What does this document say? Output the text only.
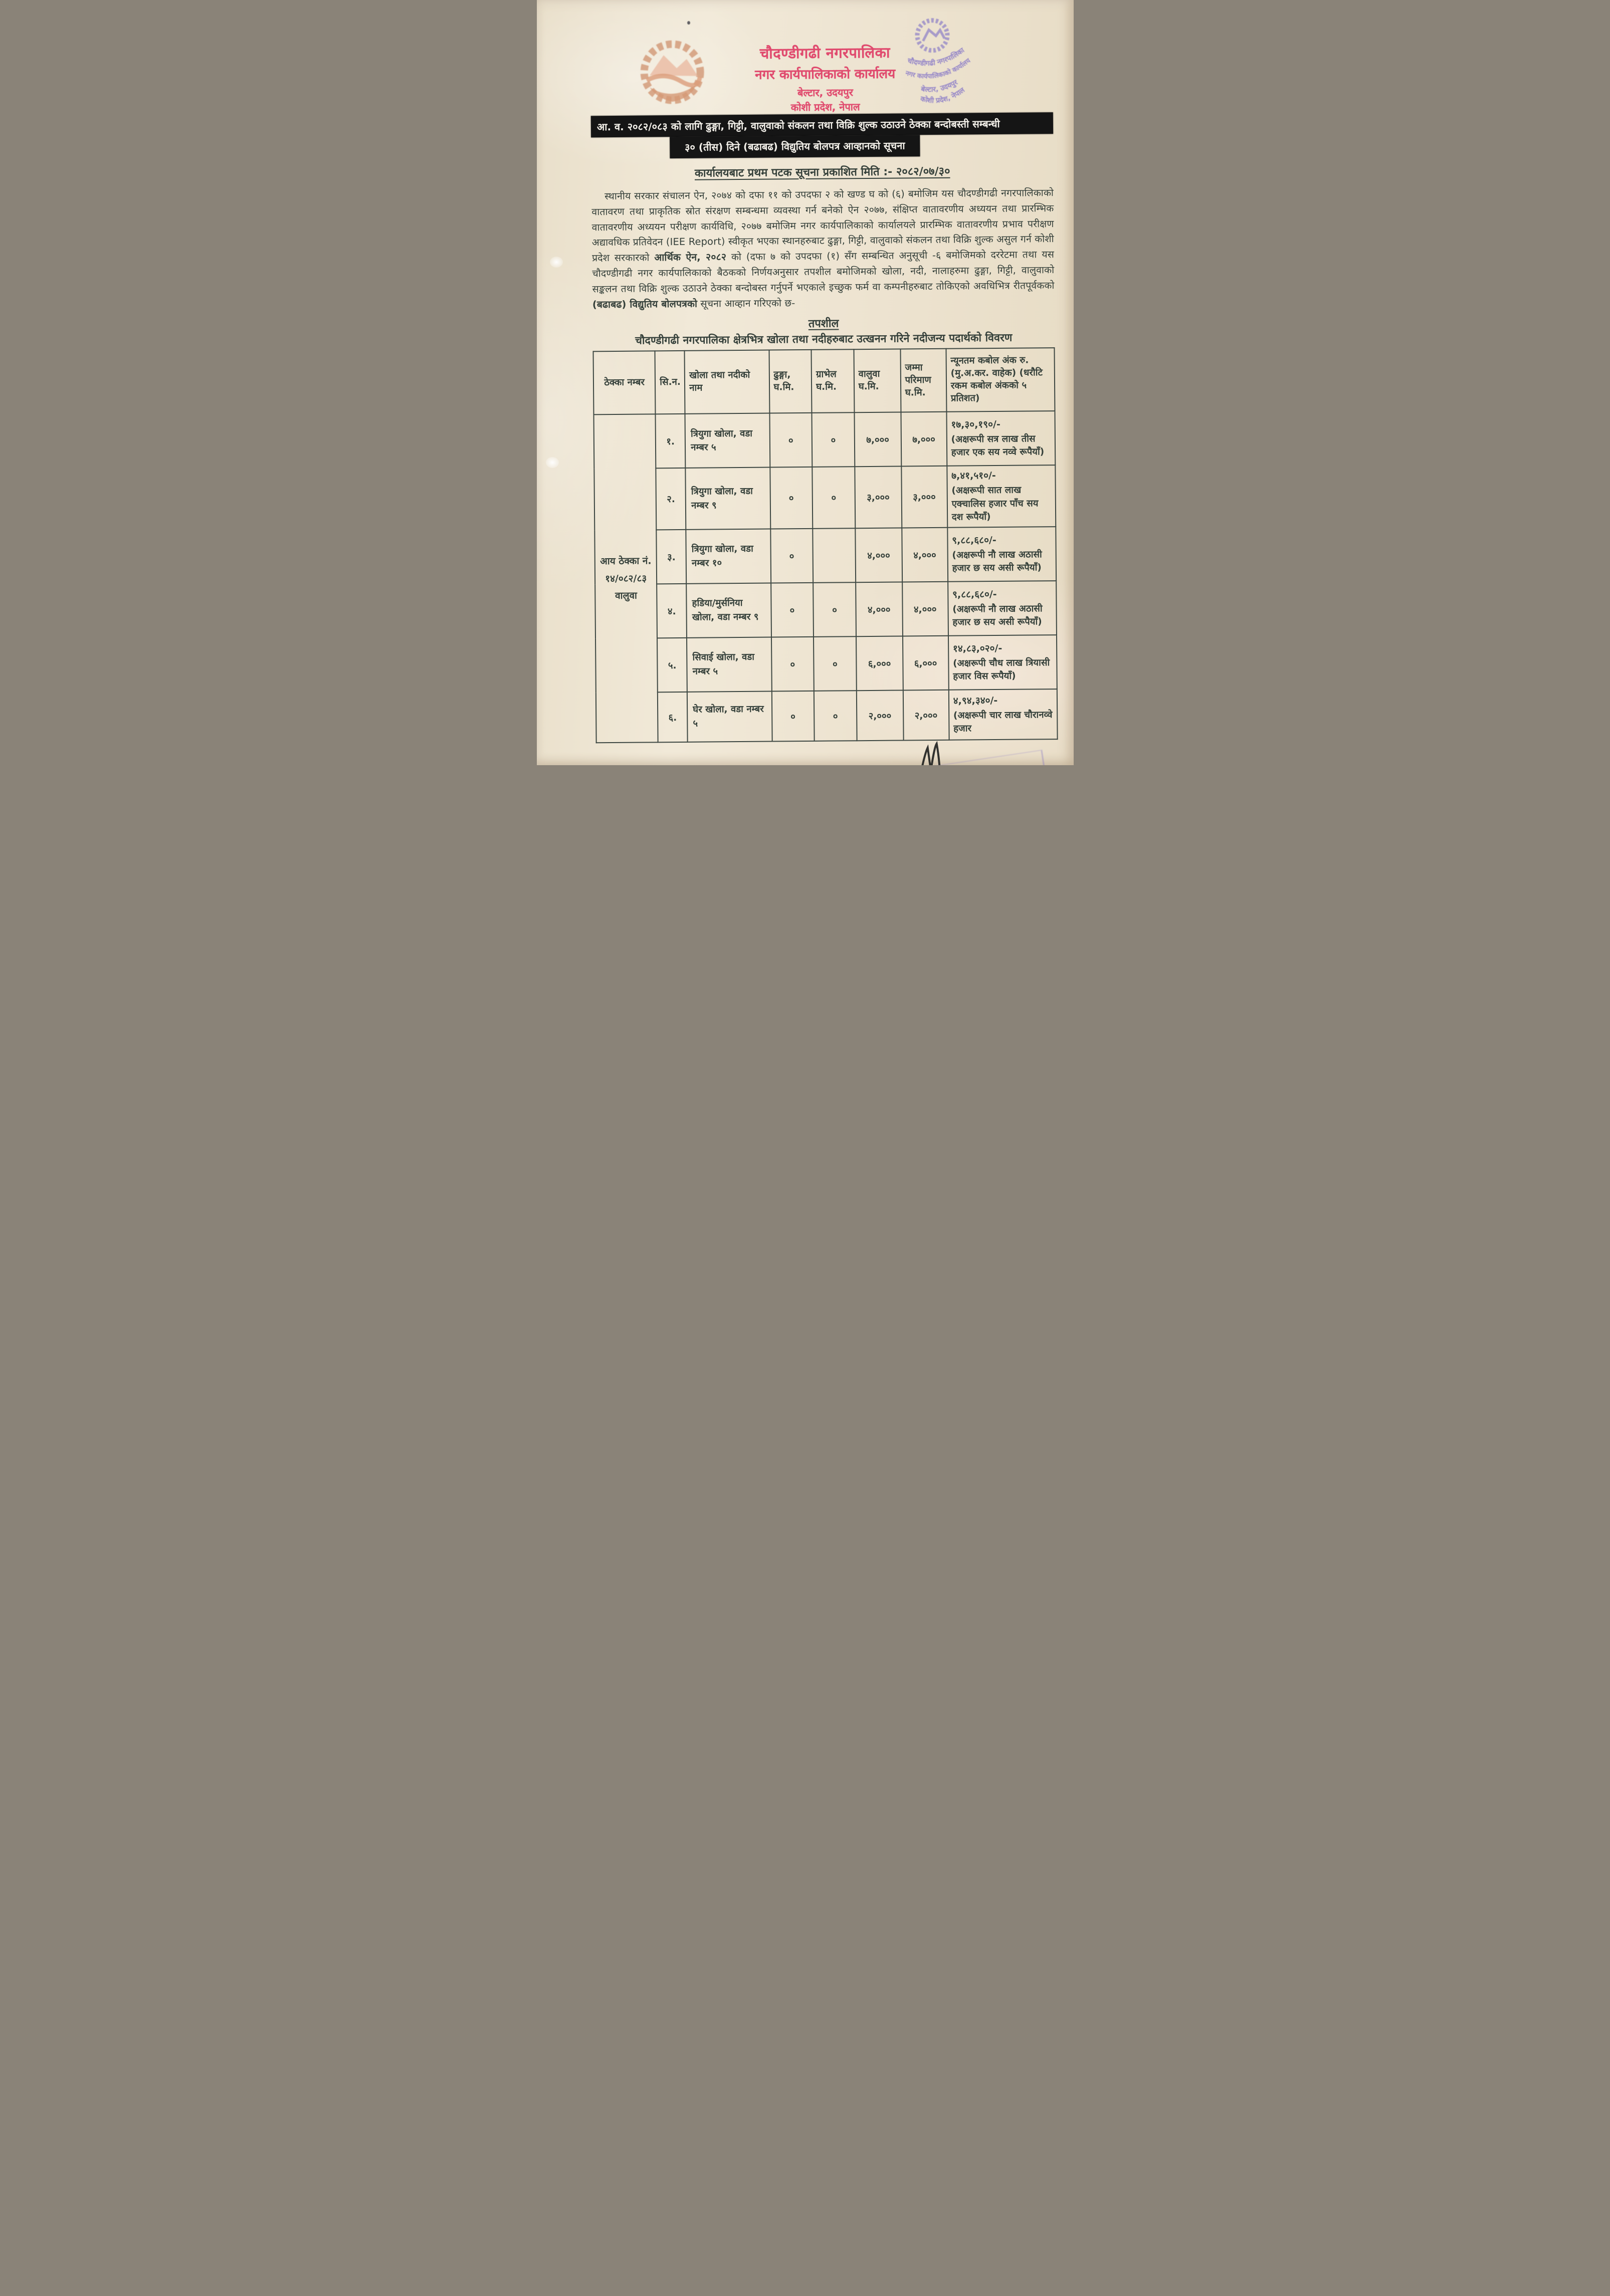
चौदण्डीगढी नगरपालिका
नगर कार्यपालिकाको कार्यालय
बेल्टार, उदयपुर
कोशी प्रदेश, नेपाल
चौदण्डीगढी नगरपालिका
नगर कार्यपालिकाको कार्यालय
बेल्टार, उदयपुर
कोशी प्रदेश, नेपाल
आ. व. २०८२/०८३ को लागि ढुङ्गा, गिट्टी, वालुवाको संकलन तथा विक्रि शुल्क उठाउने ठेक्का बन्दोबस्ती सम्बन्धी
३० (तीस) दिने (बढाबढ) विद्युतिय बोलपत्र आव्हानको सूचना
कार्यालयबाट प्रथम पटक सूचना प्रकाशित मिति :- २०८२/०७/३०

स्थानीय सरकार संचालन ऐन, २०७४ को दफा ११ को उपदफा २ को खण्ड घ को (६) बमोजिम यस चौदण्डीगढी नगरपालिकाको वातावरण तथा प्राकृतिक स्रोत संरक्षण सम्बन्धमा व्यवस्था गर्न बनेको ऐन २०७७, संक्षिप्त वातावरणीय अध्ययन तथा प्रारम्भिक वातावरणीय अध्ययन परीक्षण कार्यविधि, २०७७ बमोजिम नगर कार्यपालिकाको कार्यालयले प्रारम्भिक वातावरणीय प्रभाव परीक्षण अद्यावधिक प्रतिवेदन (IEE Report) स्वीकृत भएका स्थानहरुबाट ढुङ्गा, गिट्टी, वालुवाको संकलन तथा विक्रि शुल्क असुल गर्न कोशी प्रदेश सरकारको आर्थिक ऐन, २०८२ को (दफा ७ को उपदफा (१) सँग सम्बन्धित अनुसूची -६ बमोजिमको दररेटमा तथा यस चौदण्डीगढी नगर कार्यपालिकाको बैठकको निर्णयअनुसार तपशील बमोजिमको खोला, नदी, नालाहरुमा ढुङ्गा, गिट्टी, वालुवाको सङ्कलन तथा विक्रि शुल्क उठाउने ठेक्का बन्दोबस्त गर्नुपर्ने भएकाले इच्छुक फर्म वा कम्पनीहरुबाट तोकिएको अवधिभित्र रीतपूर्वकको (बढाबढ) विद्युतिय बोलपत्रको सूचना आव्हान गरिएको छ-

तपशील
चौदण्डीगढी नगरपालिका क्षेत्रभित्र खोला तथा नदीहरुबाट उत्खनन गरिने नदीजन्य पदार्थको विवरण
ठेक्का नम्बर	सि.न.	खोला तथा नदीको नाम	ढुङ्गा, घ.मि.	ग्राभेल घ.मि.	वालुवा घ.मि.	जम्मा परिमाण घ.मि.	न्यूनतम कबोल अंक रु. (मु.अ.कर. वाहेक) (धरौटि रकम कबोल अंकको ५ प्रतिशत)
आय ठेक्का नं.
१४/०८२/८३
वालुवा	१.	त्रियुगा खोला, वडा नम्बर ५	०	०	७,०००	७,०००	
१७,३०,१९०/-
(अक्षरूपी सत्र लाख तीस हजार एक सय नव्वे रूपैयाँ)

	२.	त्रियुगा खोला, वडा नम्बर ९	०	०	३,०००	३,०००	७,४१,५१०/-
(अक्षरूपी सात लाख एक्चालिस हजार पाँच सय दश रूपैयाँ)

	३.	त्रियुगा खोला, वडा नम्बर १०	०		४,०००	४,०००	९,८८,६८०/-
(अक्षरूपी नौ लाख अठासी हजार छ सय असी रूपैयाँ)

	४.	हडिया/मुर्सनिया खोला, वडा नम्बर ९	०	०	४,०००	४,०००	९,८८,६८०/-
(अक्षरूपी नौ लाख अठासी हजार छ सय असी रूपैयाँ)

	५.	सिवाई खोला, वडा नम्बर ५	०	०	६,०००	६,०००	१४,८३,०२०/-
(अक्षरूपी चौध लाख त्रियासी हजार विस रूपैयाँ)

	६.	घेर खोला, वडा नम्बर ५	०	०	२,०००	२,०००	४,९४,३४०/-
(अक्षरूपी चार लाख चौरानव्वे हजार
